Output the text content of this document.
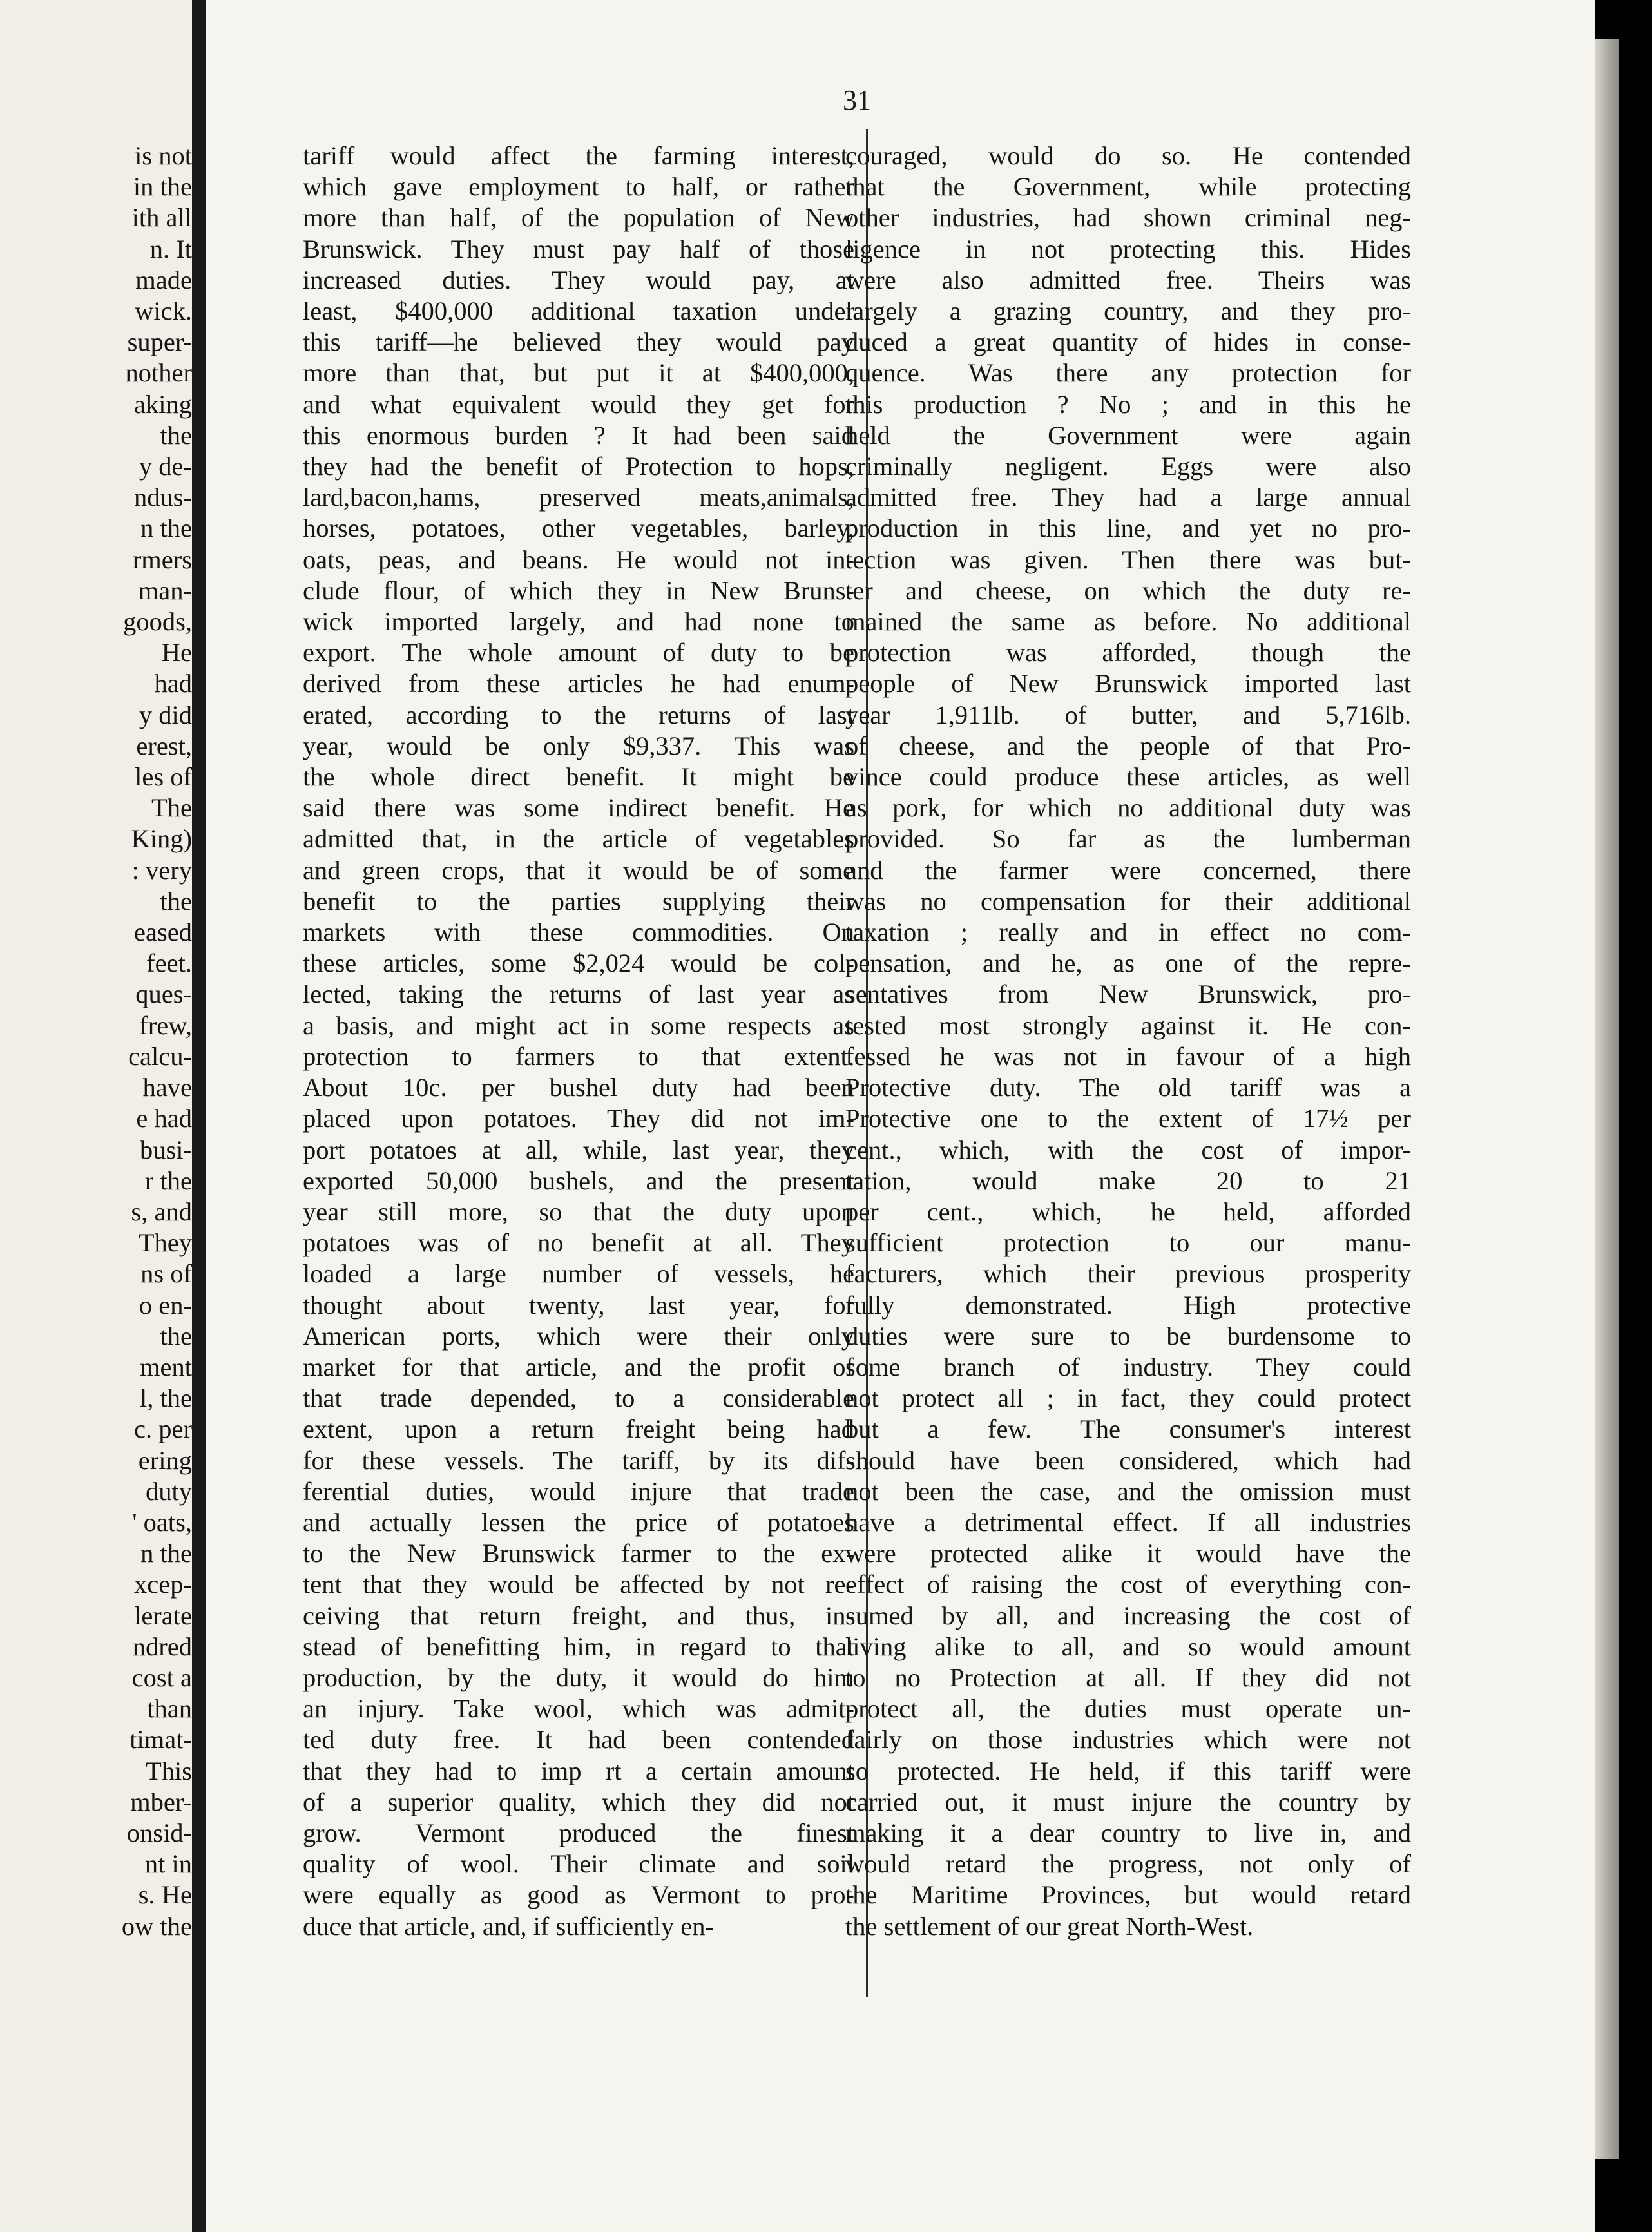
is not
in the
ith all
n. It
made
wick.
super-
nother
aking
the
y de-
ndus-
n the
rmers
man-
goods,
He
had
y did
erest,
les of
The
King)
: very
the
eased
feet.
ques-
frew,
calcu-
have
e had
busi-
r the
s, and
They
ns of
o en-
the
ment
l, the
c. per
ering
duty
' oats,
n the
xcep-
lerate
ndred
cost a
than
timat-
This
mber-
onsid-
nt in
s. He
ow the
31
tariff would affect the farming interest,
which gave employment to half, or rather
more than half, of the population of New
Brunswick. They must pay half of those
increased duties. They would pay, at
least, $400,000 additional taxation under
this tariff—he believed they would pay
more than that, but put it at $400,000,
and what equivalent would they get for
this enormous burden ? It had been said
they had the benefit of Protection to hops,
lard,bacon,hams, preserved meats,animals,
horses, potatoes, other vegetables, barley,
oats, peas, and beans. He would not in-
clude flour, of which they in New Bruns-
wick imported largely, and had none to
export. The whole amount of duty to be
derived from these articles he had enum-
erated, according to the returns of last
year, would be only $9,337. This was
the whole direct benefit. It might be
said there was some indirect benefit. He
admitted that, in the article of vegetables
and green crops, that it would be of some
benefit to the parties supplying their
markets with these commodities. On
these articles, some $2,024 would be col-
lected, taking the returns of last year as
a basis, and might act in some respects as
protection to farmers to that extent.
About 10c. per bushel duty had been
placed upon potatoes. They did not im-
port potatoes at all, while, last year, they
exported 50,000 bushels, and the present
year still more, so that the duty upon
potatoes was of no benefit at all. They
loaded a large number of vessels, he
thought about twenty, last year, for
American ports, which were their only
market for that article, and the profit of
that trade depended, to a considerable
extent, upon a return freight being had
for these vessels. The tariff, by its dif-
ferential duties, would injure that trade
and actually lessen the price of potatoes
to the New Brunswick farmer to the ex-
tent that they would be affected by not re-
ceiving that return freight, and thus, in-
stead of benefitting him, in regard to that
production, by the duty, it would do him
an injury. Take wool, which was admit-
ted duty free. It had been contended
that they had to imp rt a certain amount
of a superior quality, which they did not
grow. Vermont produced the finest
quality of wool. Their climate and soil
were equally as good as Vermont to pro-
duce that article, and, if sufficiently en-
couraged, would do so. He contended
that the Government, while protecting
other industries, had shown criminal neg-
ligence in not protecting this. Hides
were also admitted free. Theirs was
largely a grazing country, and they pro-
duced a great quantity of hides in conse-
quence. Was there any protection for
this production ? No ; and in this he
held the Government were again
criminally negligent. Eggs were also
admitted free. They had a large annual
production in this line, and yet no pro-
tection was given. Then there was but-
ter and cheese, on which the duty re-
mained the same as before. No additional
protection was afforded, though the
people of New Brunswick imported last
year 1,911lb. of butter, and 5,716lb.
of cheese, and the people of that Pro-
vince could produce these articles, as well
as pork, for which no additional duty was
provided. So far as the lumberman
and the farmer were concerned, there
was no compensation for their additional
taxation ; really and in effect no com-
pensation, and he, as one of the repre-
sentatives from New Brunswick, pro-
tested most strongly against it. He con-
fessed he was not in favour of a high
Protective duty. The old tariff was a
Protective one to the extent of 17½ per
cent., which, with the cost of impor-
tation, would make 20 to 21
per cent., which, he held, afforded
sufficient protection to our manu-
facturers, which their previous prosperity
fully demonstrated. High protective
duties were sure to be burdensome to
some branch of industry. They could
not protect all ; in fact, they could protect
but a few. The consumer's interest
should have been considered, which had
not been the case, and the omission must
have a detrimental effect. If all industries
were protected alike it would have the
effect of raising the cost of everything con-
sumed by all, and increasing the cost of
living alike to all, and so would amount
to no Protection at all. If they did not
protect all, the duties must operate un-
fairly on those industries which were not
so protected. He held, if this tariff were
carried out, it must injure the country by
making it a dear country to live in, and
would retard the progress, not only of
the Maritime Provinces, but would retard
the settlement of our great North-West.
